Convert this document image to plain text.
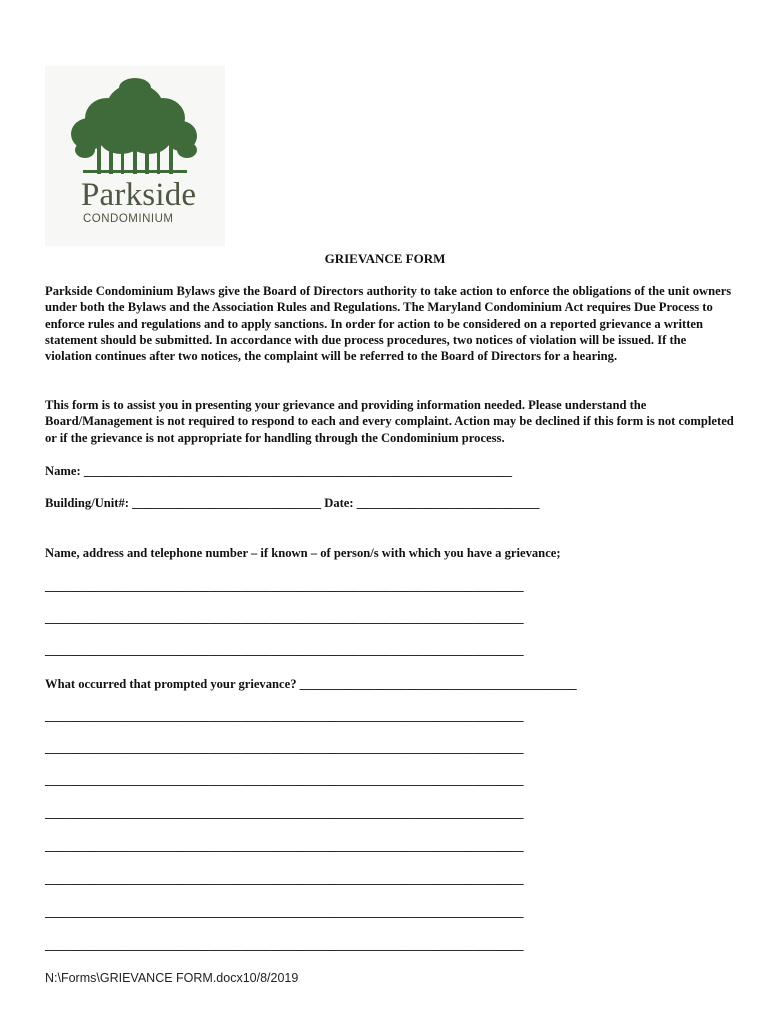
Parkside
CONDOMINIUM
GRIEVANCE FORM

Parkside Condominium Bylaws give the Board of Directors authority to take action to enforce the obligations of the unit owners under both the Bylaws and the Association Rules and Regulations. The Maryland Condominium Act requires Due Process to enforce rules and regulations and to apply sanctions. In order for action to be considered on a reported grievance a written statement should be submitted. In accordance with due process procedures, two notices of violation will be issued. If the violation continues after two notices, the complaint will be referred to the Board of Directors for a hearing.

This form is to assist you in presenting your grievance and providing information needed. Please understand the Board/Management is not required to respond to each and every complaint. Action may be declined if this form is not completed or if the grievance is not appropriate for handling through the Condominium process.

Name: ____________________________________________________________________
Building/Unit#: ______________________________ Date: _____________________________
Name, address and telephone number – if known – of person/s with which you have a grievance;
____________________________________________________________________________
____________________________________________________________________________
____________________________________________________________________________
What occurred that prompted your grievance? ____________________________________________
____________________________________________________________________________
____________________________________________________________________________
____________________________________________________________________________
____________________________________________________________________________
____________________________________________________________________________
____________________________________________________________________________
____________________________________________________________________________
____________________________________________________________________________
N:\Forms\GRIEVANCE FORM.docx10/8/2019
